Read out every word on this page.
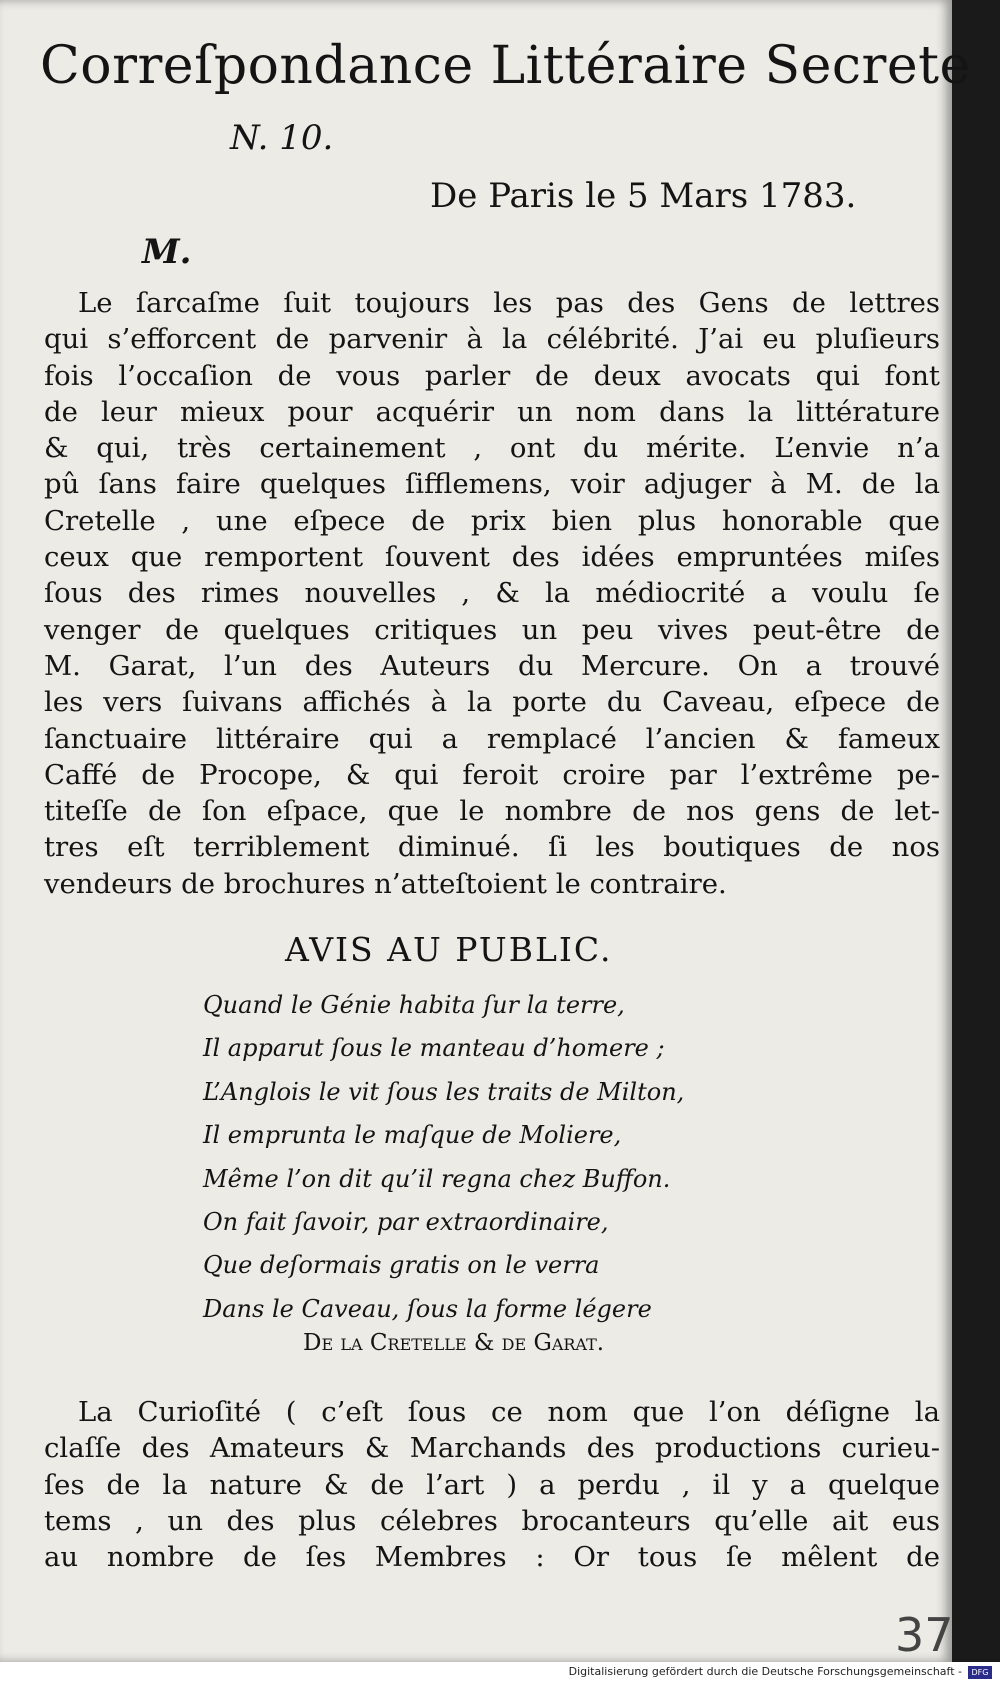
Correſpondance Littéraire Secrete
N. 10.
De Paris le 5 Mars 1783.
M.
Le ſarcaſme ſuit toujours les pas des Gens de lettres
qui s’efforcent de parvenir à la célébrité. J’ai eu pluſieurs
fois l’occaſion de vous parler de deux avocats qui font
de leur mieux pour acquérir un nom dans la littérature
& qui, très certainement , ont du mérite. L’envie n’a
pû ſans faire quelques ſifflemens, voir adjuger à M. de la
Cretelle , une eſpece de prix bien plus honorable que
ceux que remportent ſouvent des idées empruntées miſes
ſous des rimes nouvelles , & la médiocrité a voulu ſe
venger de quelques critiques un peu vives peut-être de
M. Garat, l’un des Auteurs du Mercure. On a trouvé
les vers ſuivans affichés à la porte du Caveau, eſpece de
ſanctuaire littéraire qui a remplacé l’ancien & fameux
Caffé de Procope, & qui feroit croire par l’extrême pe-
titeſſe de ſon eſpace, que le nombre de nos gens de let-
tres eſt terriblement diminué. ſi les boutiques de nos
vendeurs de brochures n’atteſtoient le contraire.
AVIS AU PUBLIC.
Quand le Génie habita ſur la terre,
Il apparut ſous le manteau d’homere ;
L’Anglois le vit ſous les traits de Milton,
Il emprunta le maſque de Moliere,
Même l’on dit qu’il regna chez Buffon.
On fait ſavoir, par extraordinaire,
Que deſormais gratis on le verra
Dans le Caveau, ſous la forme légere
De la Cretelle & de Garat.
La Curioſité ( c’eſt ſous ce nom que l’on déſigne la
claſſe des Amateurs & Marchands des productions curieu-
ſes de la nature & de l’art ) a perdu , il y a quelque
tems , un des plus célebres brocanteurs qu’elle ait eus
au nombre de ſes Membres : Or tous ſe mêlent de
37
Digitalisierung gefördert durch die Deutsche Forschungsgemeinschaft -	DFG
